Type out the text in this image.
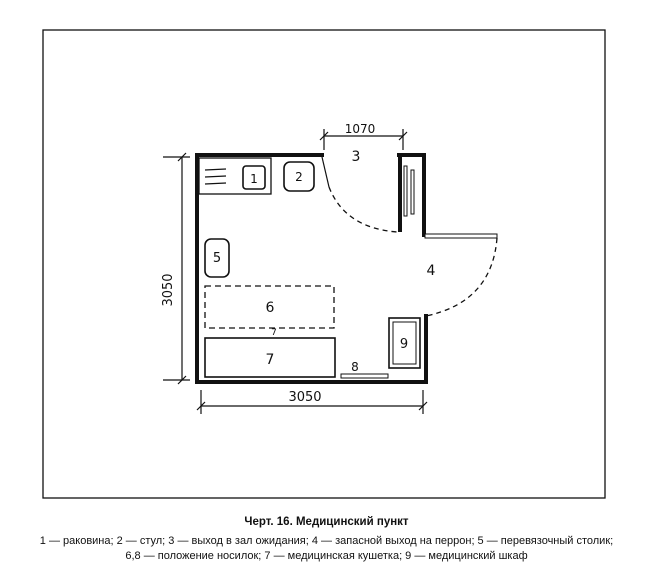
1	2
5
6
7
7	8
9
3
4
1070
3050
3050
Черт. 16. Медицинский пункт
1 — раковина; 2 — стул; 3 — выход в зал ожидания; 4 — запасной выход на перрон; 5 — перевязочный столик;
6,8 — положение носилок; 7 — медицинская кушетка; 9 — медицинский шкаф
